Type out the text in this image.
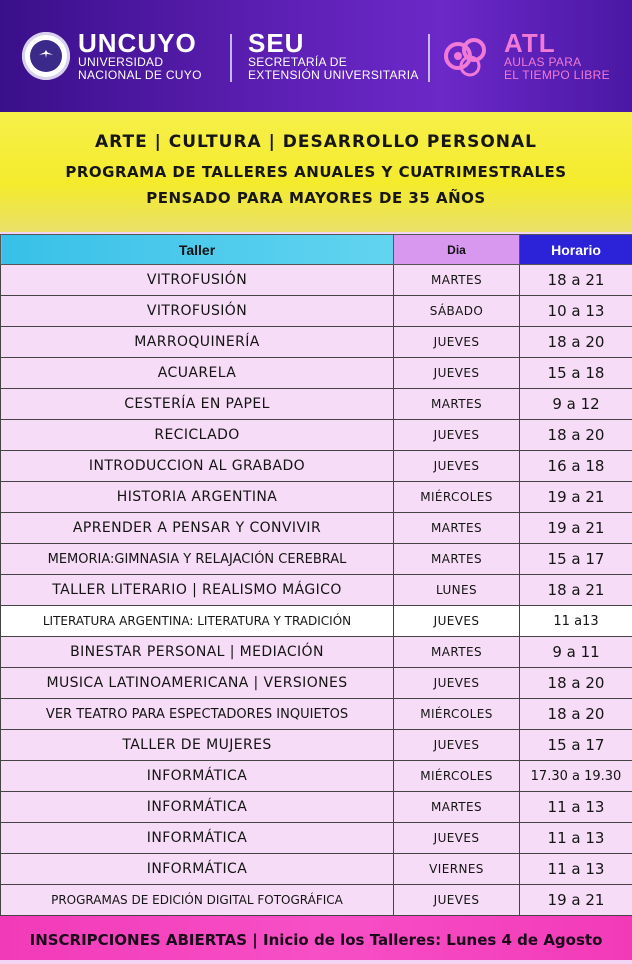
UNCUYO
UNIVERSIDAD
NACIONAL DE CUYO
SEU
SECRETARÍA DE
EXTENSIÓN UNIVERSITARIA
ATL
AULAS PARA
EL TIEMPO LIBRE
ARTE | CULTURA | DESARROLLO PERSONAL
PROGRAMA DE TALLERES ANUALES Y CUATRIMESTRALES
PENSADO PARA MAYORES DE 35 AÑOS
Taller	Dia	Horario
VITROFUSIÓN	MARTES	18 a 21
VITROFUSIÓN	SÁBADO	10 a 13
MARROQUINERÍA	JUEVES	18 a 20
ACUARELA	JUEVES	15 a 18
CESTERÍA EN PAPEL	MARTES	9 a 12
RECICLADO	JUEVES	18 a 20
INTRODUCCION AL GRABADO	JUEVES	16 a 18
HISTORIA ARGENTINA	MIÉRCOLES	19 a 21
APRENDER A PENSAR Y CONVIVIR	MARTES	19 a 21
MEMORIA:GIMNASIA Y RELAJACIÓN CEREBRAL	MARTES	15 a 17
TALLER LITERARIO | REALISMO MÁGICO	LUNES	18 a 21
LITERATURA ARGENTINA: LITERATURA Y TRADICIÓN	JUEVES	11 a13
BINESTAR PERSONAL | MEDIACIÓN	MARTES	9 a 11
MUSICA LATINOAMERICANA | VERSIONES	JUEVES	18 a 20
VER TEATRO PARA ESPECTADORES INQUIETOS	MIÉRCOLES	18 a 20
TALLER DE MUJERES	JUEVES	15 a 17
INFORMÁTICA	MIÉRCOLES	17.30 a 19.30
INFORMÁTICA	MARTES	11 a 13
INFORMÁTICA	JUEVES	11 a 13
INFORMÁTICA	VIERNES	11 a 13
PROGRAMAS DE EDICIÓN DIGITAL FOTOGRÁFICA	JUEVES	19 a 21
INSCRIPCIONES ABIERTAS | Inicio de los Talleres: Lunes 4 de Agosto
